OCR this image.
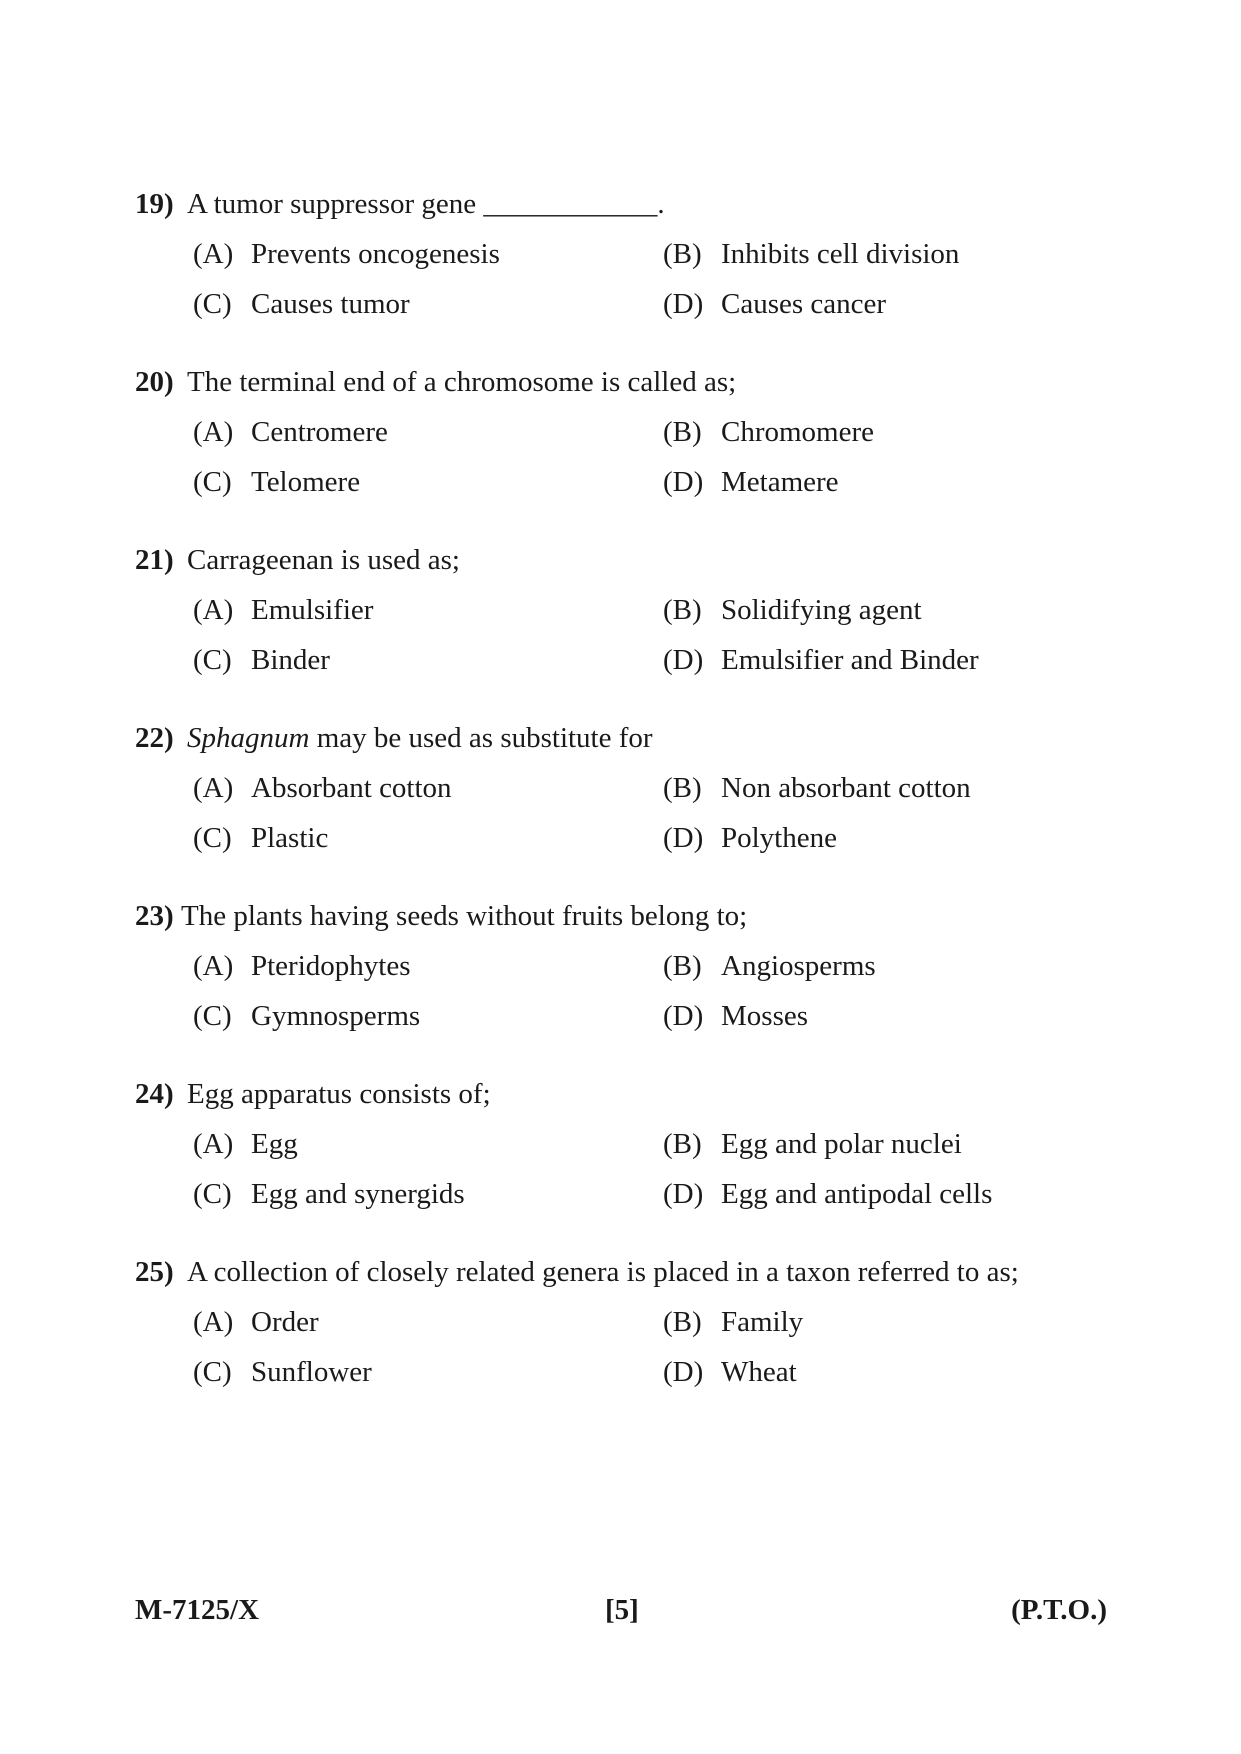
19) A tumor suppressor gene ____________.
(A) Prevents oncogenesis	(B) Inhibits cell division
(C) Causes tumor	(D) Causes cancer
20) The terminal end of a chromosome is called as;
(A) Centromere	(B) Chromomere
(C) Telomere	(D) Metamere
21) Carrageenan is used as;
(A) Emulsifier	(B) Solidifying agent
(C) Binder	(D) Emulsifier and Binder
22) Sphagnum may be used as substitute for
(A) Absorbant cotton	(B) Non absorbant cotton
(C) Plastic	(D) Polythene
23) The plants having seeds without fruits belong to;
(A) Pteridophytes	(B) Angiosperms
(C) Gymnosperms	(D) Mosses
24) Egg apparatus consists of;
(A) Egg	(B) Egg and polar nuclei
(C) Egg and synergids	(D) Egg and antipodal cells
25) A collection of closely related genera is placed in a taxon referred to as;
(A) Order	(B) Family
(C) Sunflower	(D) Wheat
M-7125/X	[5]	(P.T.O.)
